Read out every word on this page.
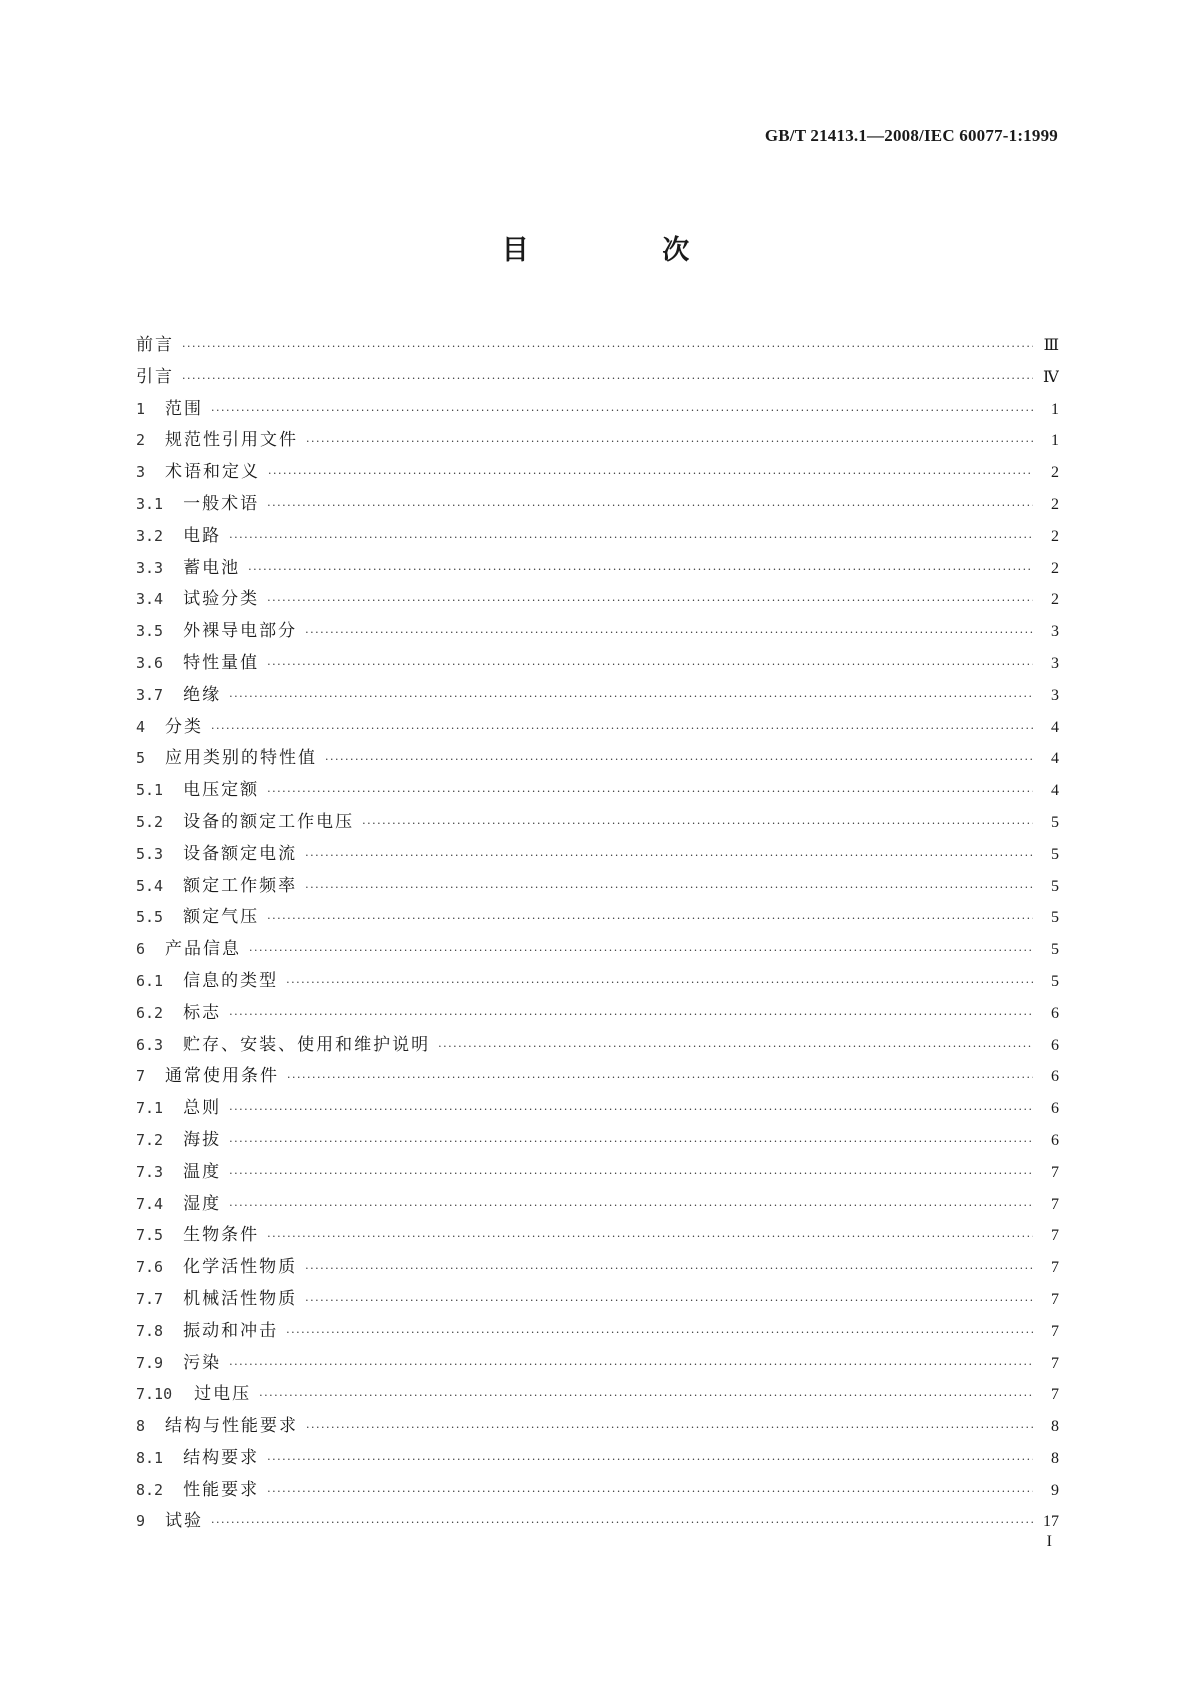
GB/T 21413.1—2008/IEC 60077-1:1999
目 次
前言 ·····	Ⅲ
引言 ·····	Ⅳ
1 范围 ·····	1
2 规范性引用文件 ·····	1
3 术语和定义 ·····	2
3.1 一般术语 ·····	2
3.2 电路 ·····	2
3.3 蓄电池 ·····	2
3.4 试验分类 ·····	2
3.5 外裸导电部分 ·····	3
3.6 特性量值 ·····	3
3.7 绝缘 ·····	3
4 分类 ·····	4
5 应用类别的特性值 ·····	4
5.1 电压定额 ·····	4
5.2 设备的额定工作电压 ·····	5
5.3 设备额定电流 ·····	5
5.4 额定工作频率 ·····	5
5.5 额定气压 ·····	5
6 产品信息 ·····	5
6.1 信息的类型 ·····	5
6.2 标志 ·····	6
6.3 贮存、安装、使用和维护说明 ·····	6
7 通常使用条件 ·····	6
7.1 总则 ·····	6
7.2 海拔 ·····	6
7.3 温度 ·····	7
7.4 湿度 ·····	7
7.5 生物条件 ·····	7
7.6 化学活性物质 ·····	7
7.7 机械活性物质 ·····	7
7.8 振动和冲击 ·····	7
7.9 污染 ·····	7
7.10 过电压 ·····	7
8 结构与性能要求 ·····	8
8.1 结构要求 ·····	8
8.2 性能要求 ·····	9
9 试验 ·····	17
I
